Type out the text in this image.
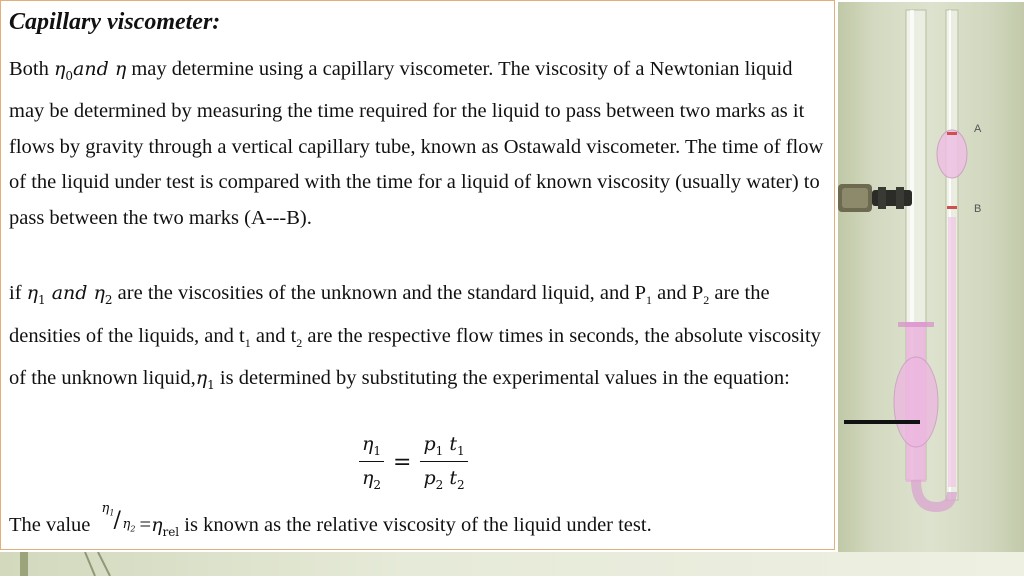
Capillary viscometer:

Both $\eta_0and$ η may determine using a capillary viscometer. The viscosity of a Newtonian liquid may be determined by measuring the time required for the liquid to pass between two marks as it flows by gravity through a vertical capillary tube, known as Ostawald viscometer. The time of flow of the liquid under test is compared with the time for a liquid of known viscosity (usually water) to pass between the two marks (A---B).

if $\eta_1$ and $\eta_2$ are the viscosities of the unknown and the standard liquid, and $P_1$ and $P_2$ are the densities of the liquids, and $t_1$ and $t_2$ are the respective flow times in seconds, the absolute viscosity of the unknown $liquid,\eta_1$ is determined by substituting the experimental values in the equation:

$\frac{\eta_1}{\eta_2} = \frac{p_1 t_1}{p_2 t_2}$

The value
$\eta_1 / \eta_2 =\eta_{rel}$ is known as the relative viscosity of the liquid under test.

A
B
